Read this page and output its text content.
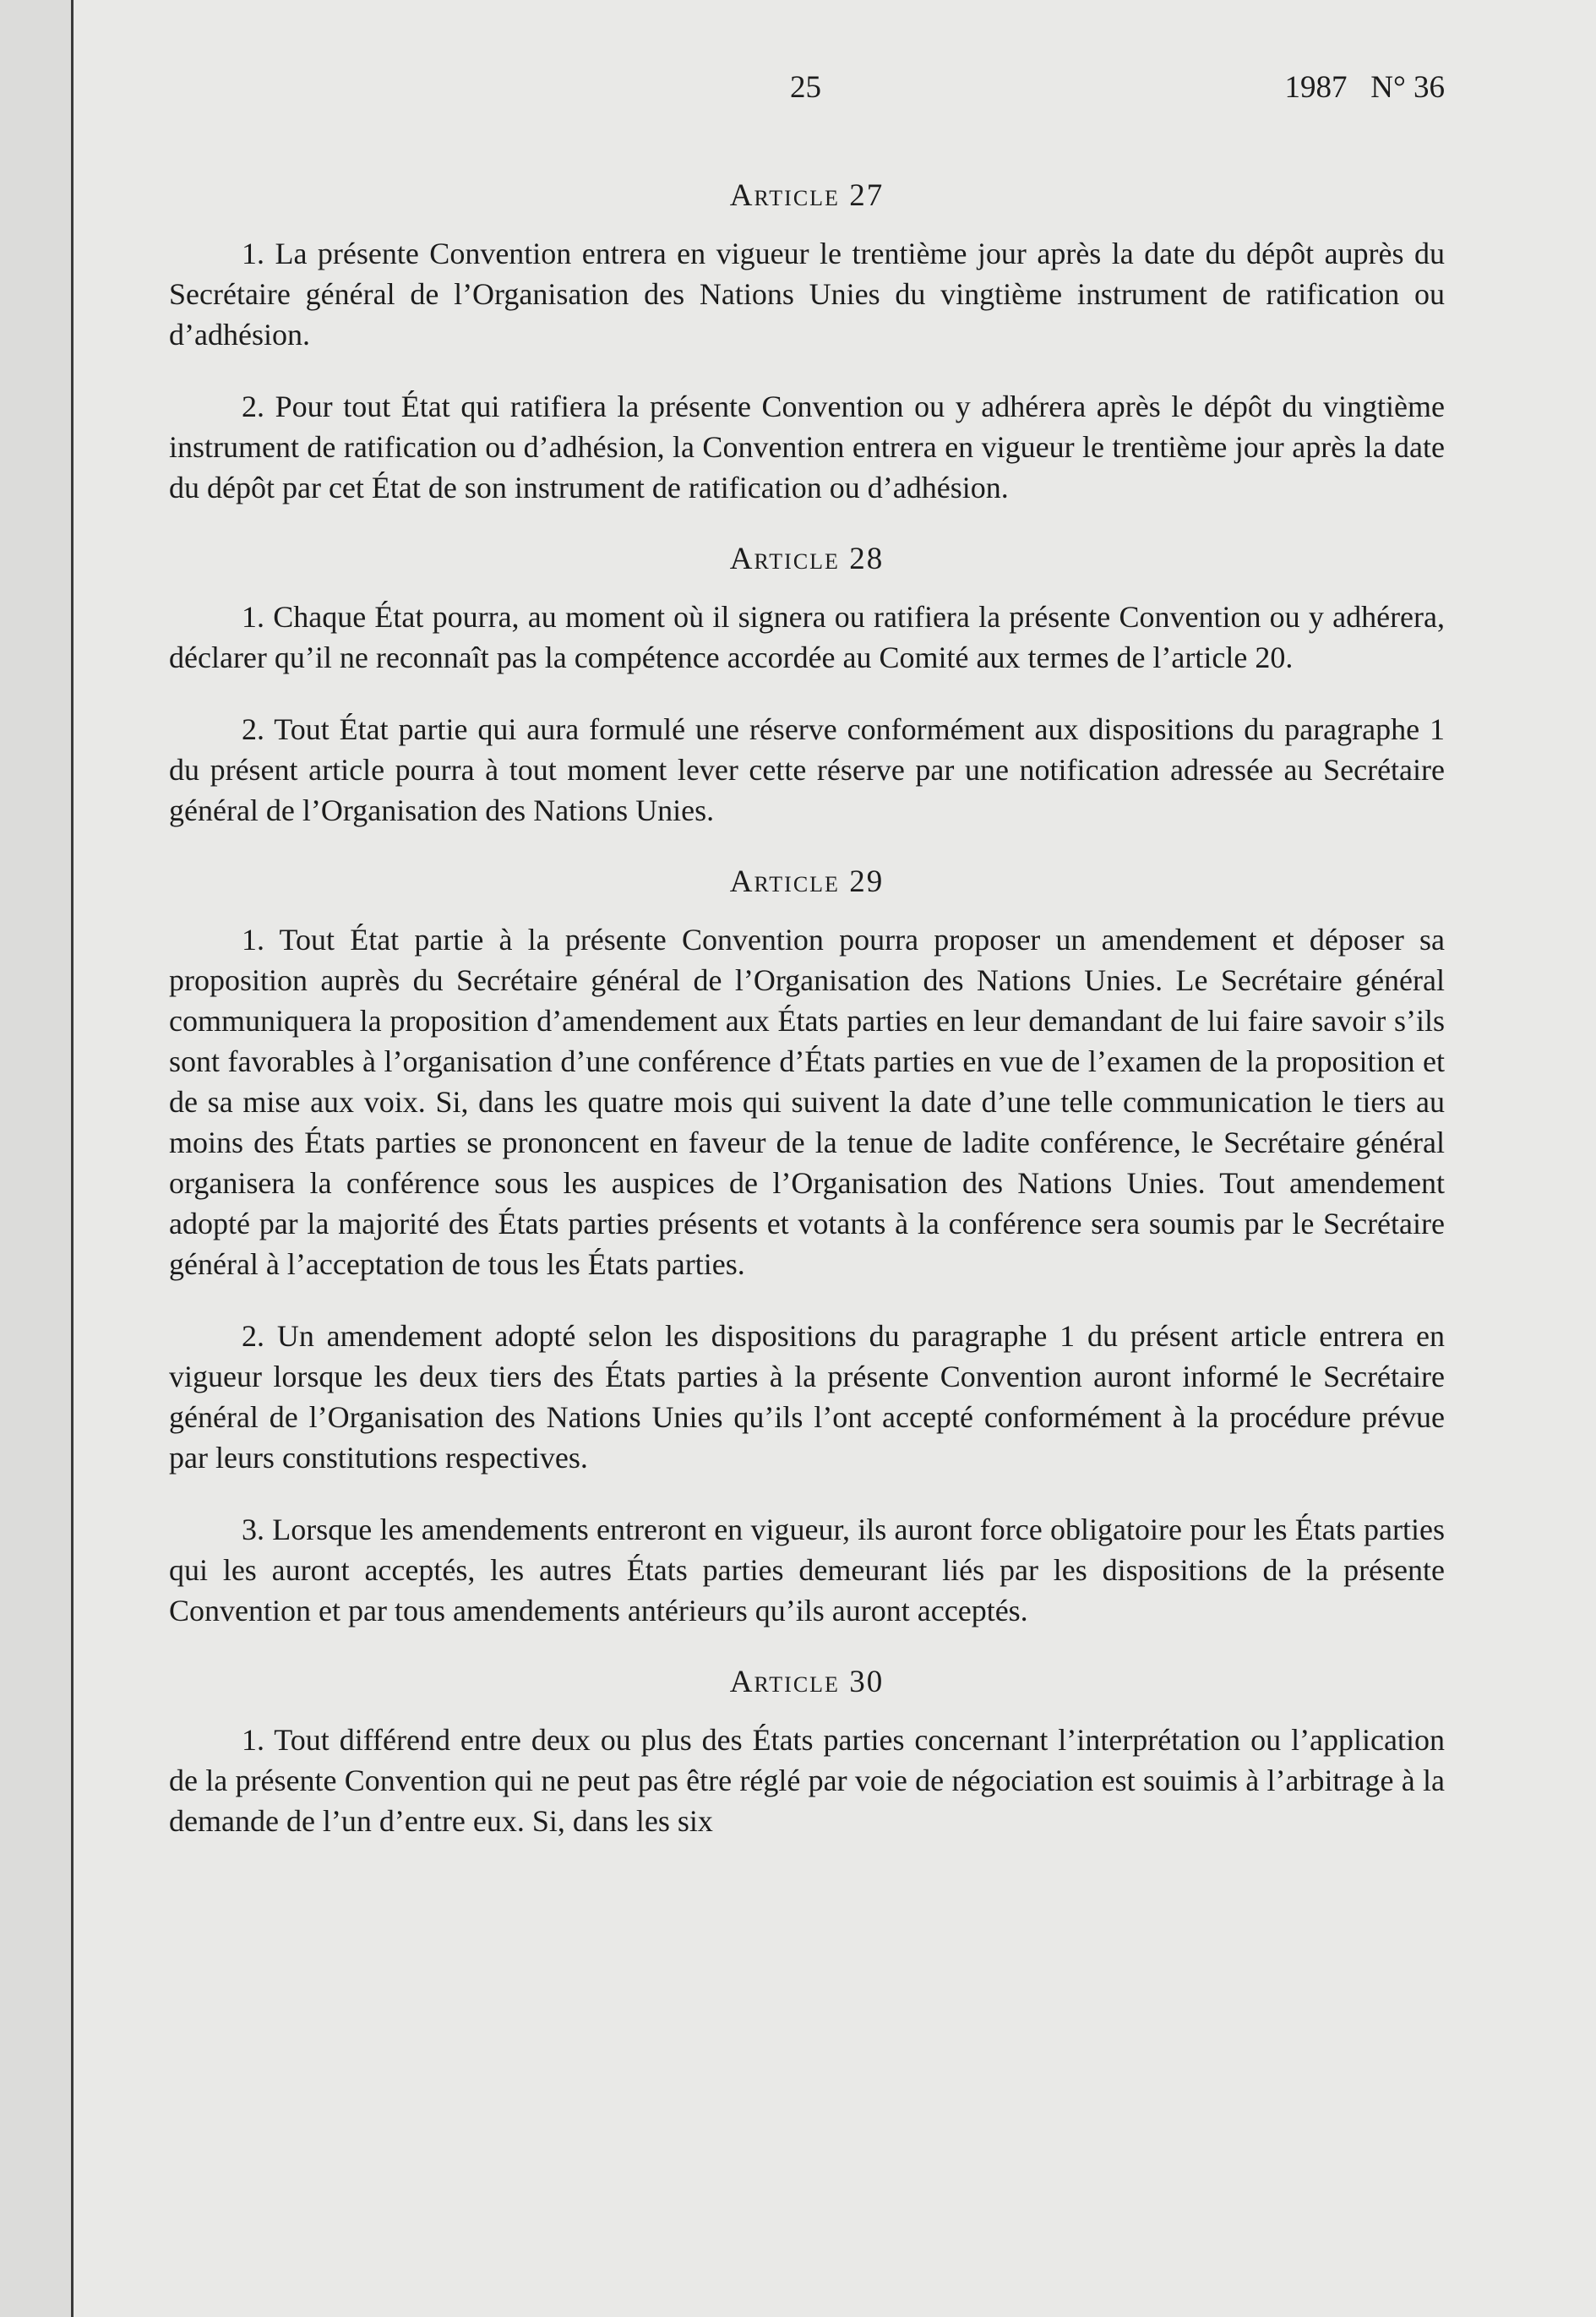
25	1987 N° 36
Article 27

1. La présente Convention entrera en vigueur le trentième jour après la date du dépôt auprès du Secrétaire général de l’Organisation des Nations Unies du vingtième instrument de ratification ou d’adhésion.

2. Pour tout État qui ratifiera la présente Convention ou y adhérera après le dépôt du vingtième instrument de ratification ou d’adhésion, la Convention entrera en vigueur le trentième jour après la date du dépôt par cet État de son instrument de ratification ou d’adhésion.

Article 28

1. Chaque État pourra, au moment où il signera ou ratifiera la présente Convention ou y adhérera, déclarer qu’il ne reconnaît pas la compétence accordée au Comité aux termes de l’article 20.

2. Tout État partie qui aura formulé une réserve conformément aux dispositions du paragraphe 1 du présent article pourra à tout moment lever cette réserve par une notification adressée au Secrétaire général de l’Organisation des Nations Unies.

Article 29

1. Tout État partie à la présente Convention pourra proposer un amendement et déposer sa proposition auprès du Secrétaire général de l’Organisation des Nations Unies. Le Secrétaire général communiquera la proposition d’amendement aux États parties en leur demandant de lui faire savoir s’ils sont favorables à l’organisation d’une conférence d’États parties en vue de l’examen de la proposition et de sa mise aux voix. Si, dans les quatre mois qui suivent la date d’une telle communication le tiers au moins des États parties se prononcent en faveur de la tenue de ladite conférence, le Secrétaire général organisera la conférence sous les auspices de l’Organisation des Nations Unies. Tout amendement adopté par la majorité des États parties présents et votants à la conférence sera soumis par le Secrétaire général à l’acceptation de tous les États parties.

2. Un amendement adopté selon les dispositions du paragraphe 1 du présent article entrera en vigueur lorsque les deux tiers des États parties à la présente Convention auront informé le Secrétaire général de l’Organisation des Nations Unies qu’ils l’ont accepté conformément à la procédure prévue par leurs constitutions respectives.

3. Lorsque les amendements entreront en vigueur, ils auront force obligatoire pour les États parties qui les auront acceptés, les autres États parties demeurant liés par les dispositions de la présente Convention et par tous amendements antérieurs qu’ils auront acceptés.

Article 30

1. Tout différend entre deux ou plus des États parties concernant l’interprétation ou l’application de la présente Convention qui ne peut pas être réglé par voie de négociation est souimis à l’arbitrage à la demande de l’un d’entre eux. Si, dans les six
